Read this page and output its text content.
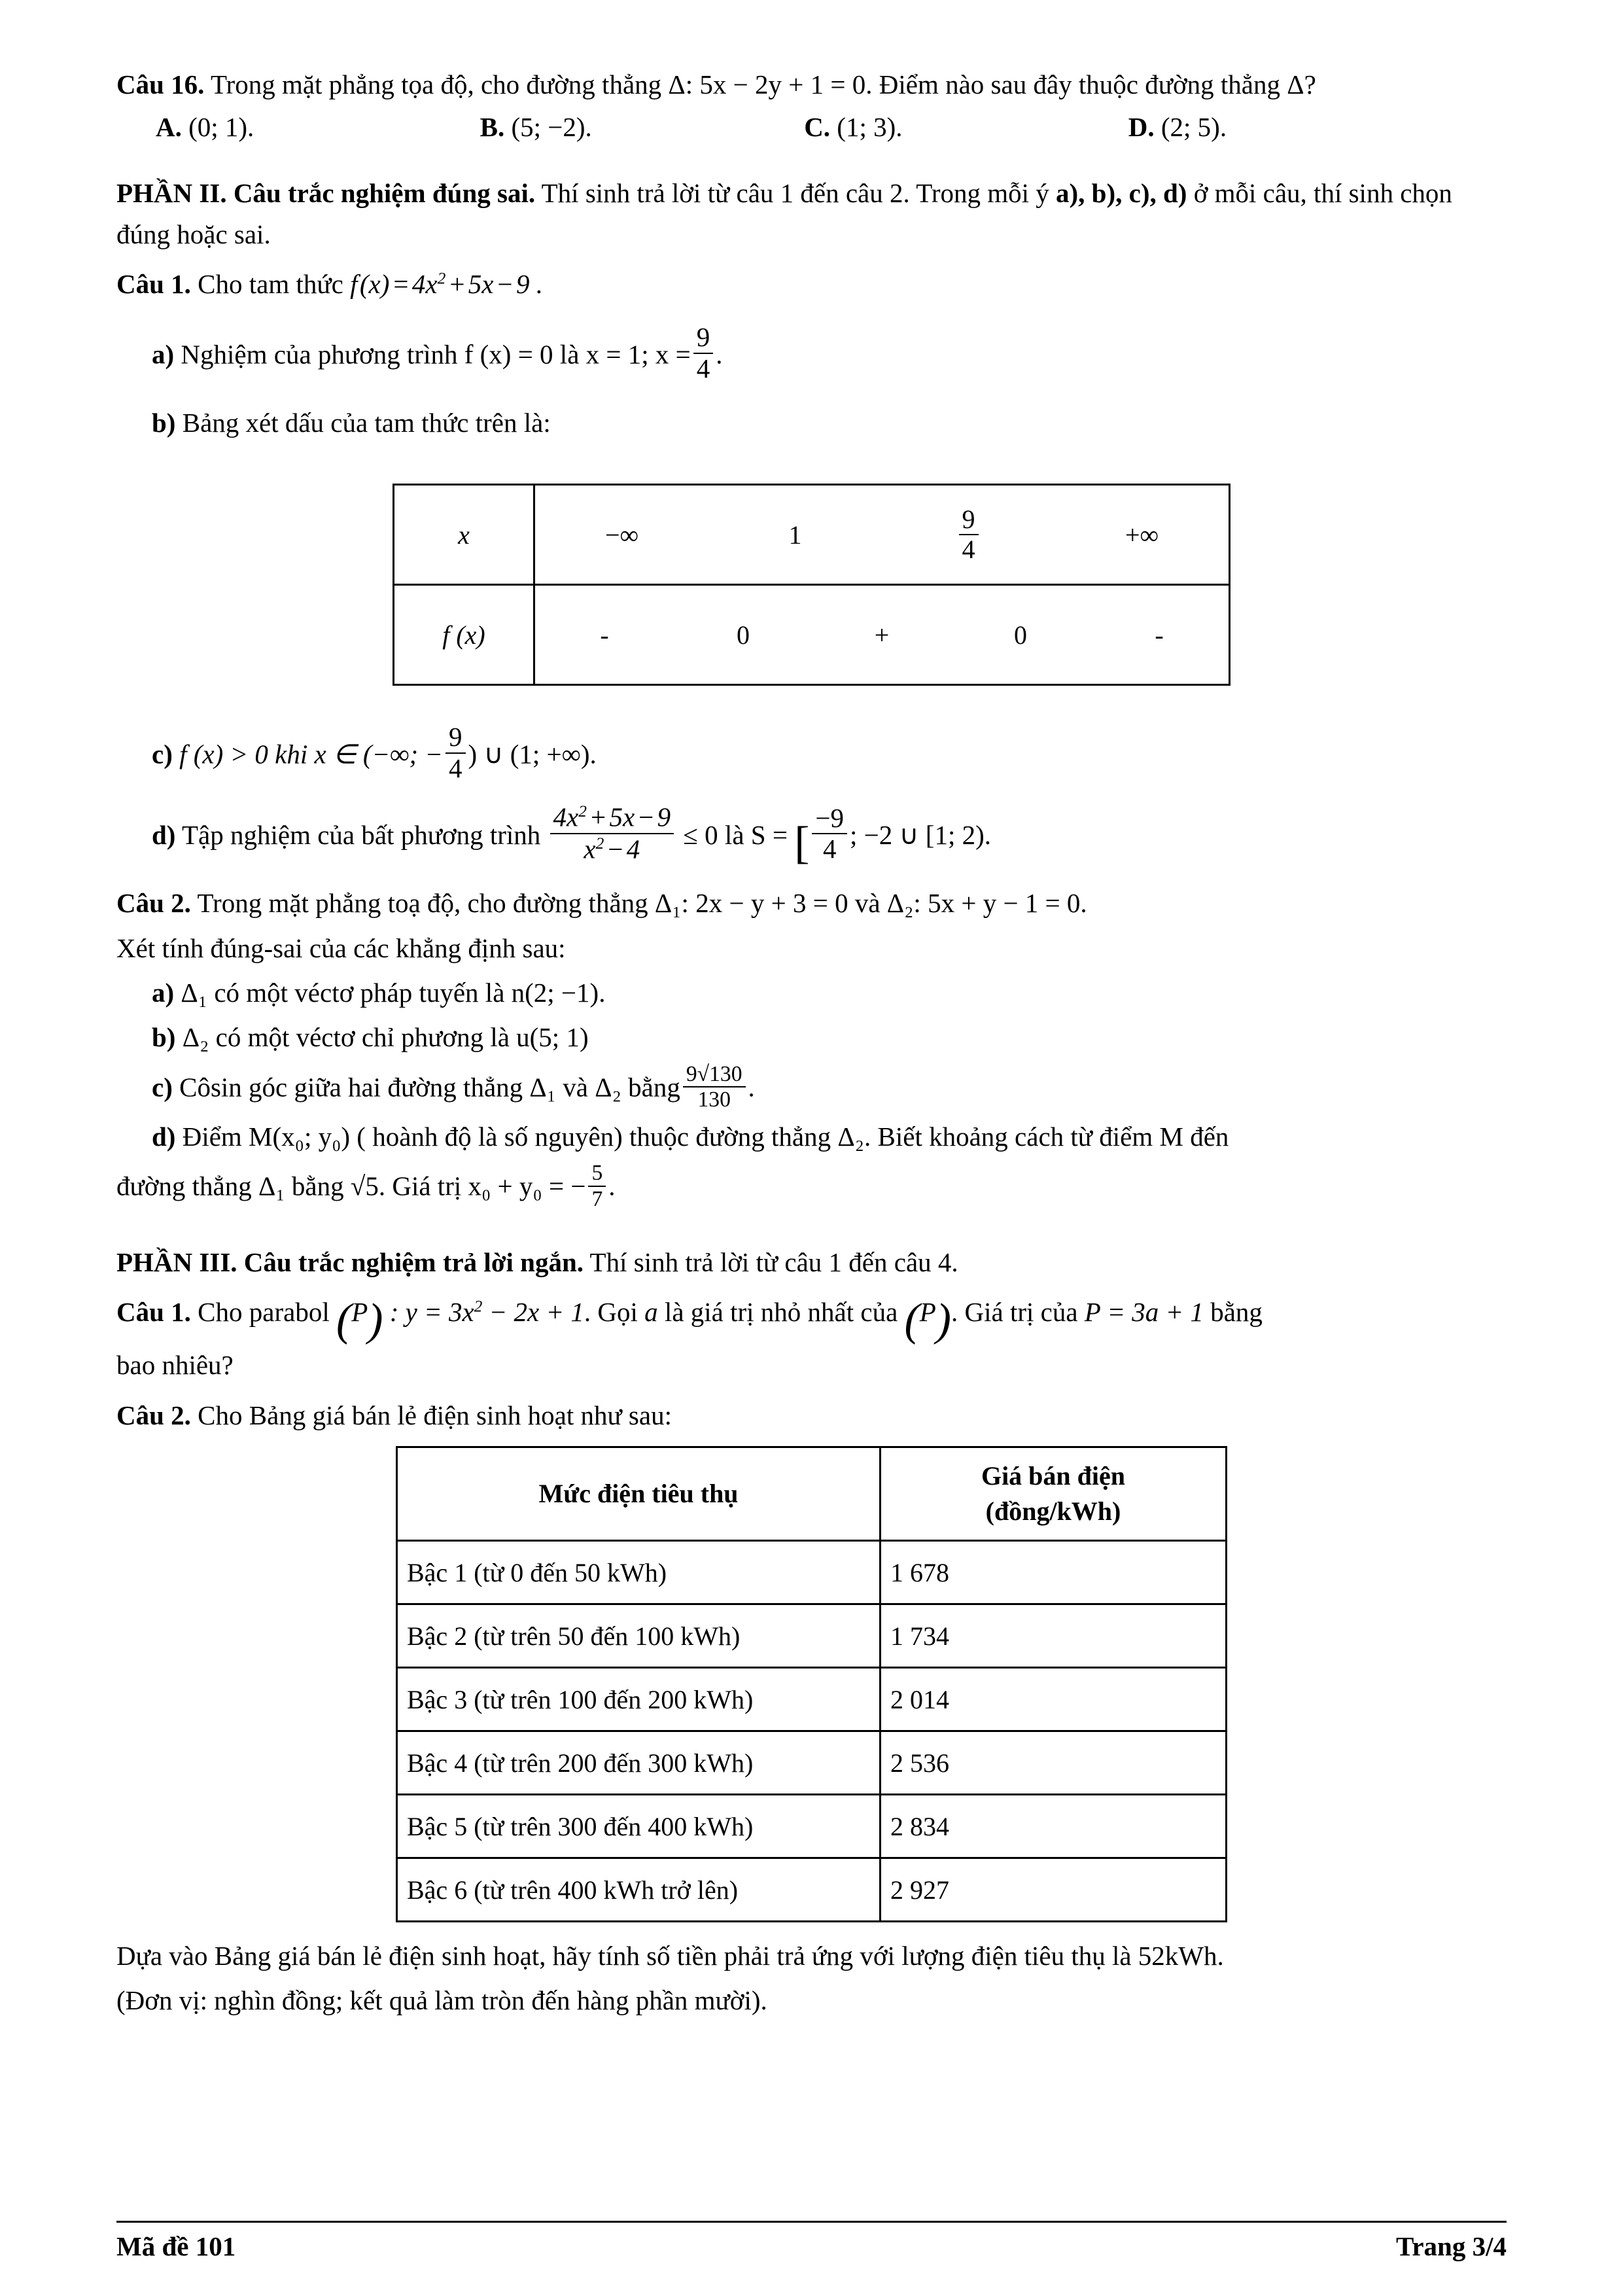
Câu 16. Trong mặt phẳng tọa độ, cho đường thẳng Δ: 5x − 2y + 1 = 0. Điểm nào sau đây thuộc đường thẳng Δ?

A. (0; 1).	B. (5; −2).	C. (1; 3).	D. (2; 5).

PHẦN II. Câu trắc nghiệm đúng sai. Thí sinh trả lời từ câu 1 đến câu 2. Trong mỗi ý a), b), c), d) ở mỗi câu, thí sinh chọn đúng hoặc sai.

Câu 1. Cho tam thức f (x) = $4x^2$ + 5x − 9 .

a) Nghiệm của phương trình f (x) = 0 là x = 1; $x = \frac{9}{4}$ .

b) Bảng xét dấu của tam thức trên là:

x	−∞ $1 \frac{9}{4}$ +∞

f (x)	- 0 + 0 -

c) f (x) > 0 khi x ∈ (−∞; − $\frac{9}{4}$ ) ∪ (1; +∞).

d) Tập nghiệm của bất phương trình $\frac{4x^2 + 5x - 9}{x^2 - 4} \le 0$ là S = [ $\frac{-9}{4}$ ; −2 ∪ [1; 2).

Câu 2. Trong mặt phẳng toạ độ, cho đường thẳng Δ₁: 2x − y + 3 = 0 và Δ₂: 5x + y − 1 = 0.

Xét tính đúng-sai của các khẳng định sau:

a) Δ₁ có một véctơ pháp tuyến là n(2; −1).

b) Δ₂ có một véctơ chỉ phương là u(5; 1)

c) Côsin góc giữa hai đường thẳng Δ₁ và Δ₂ bằng $\frac{9√130}{130}$ .

d) Điểm M(x₀; y₀) ( hoành độ là số nguyên) thuộc đường thẳng Δ₂. Biết khoảng cách từ điểm M đến

đường thẳng Δ₁ bằng √5. Giá trị x₀ + y₀ = − $\frac{5}{7}$ .

PHẦN III. Câu trắc nghiệm trả lời ngắn. Thí sinh trả lời từ câu 1 đến câu 4.

Câu 1. Cho parabol (P) : $y = 3x^2 - 2x + 1$. Gọi a là giá trị nhỏ nhất của (P). Giá trị của P = 3a + 1 bằng

bao nhiêu?

Câu 2. Cho Bảng giá bán lẻ điện sinh hoạt như sau:

Mức điện tiêu thụ	Giá bán điện
(đồng/kWh)
Bậc 1 (từ 0 đến 50 kWh)	1 678
Bậc 2 (từ trên 50 đến 100 kWh)	1 734
Bậc 3 (từ trên 100 đến 200 kWh)	2 014
Bậc 4 (từ trên 200 đến 300 kWh)	2 536
Bậc 5 (từ trên 300 đến 400 kWh)	2 834
Bậc 6 (từ trên 400 kWh trở lên)	2 927

Dựa vào Bảng giá bán lẻ điện sinh hoạt, hãy tính số tiền phải trả ứng với lượng điện tiêu thụ là 52kWh.

(Đơn vị: nghìn đồng; kết quả làm tròn đến hàng phần mười).

Mã đề 101	Trang 3/4
